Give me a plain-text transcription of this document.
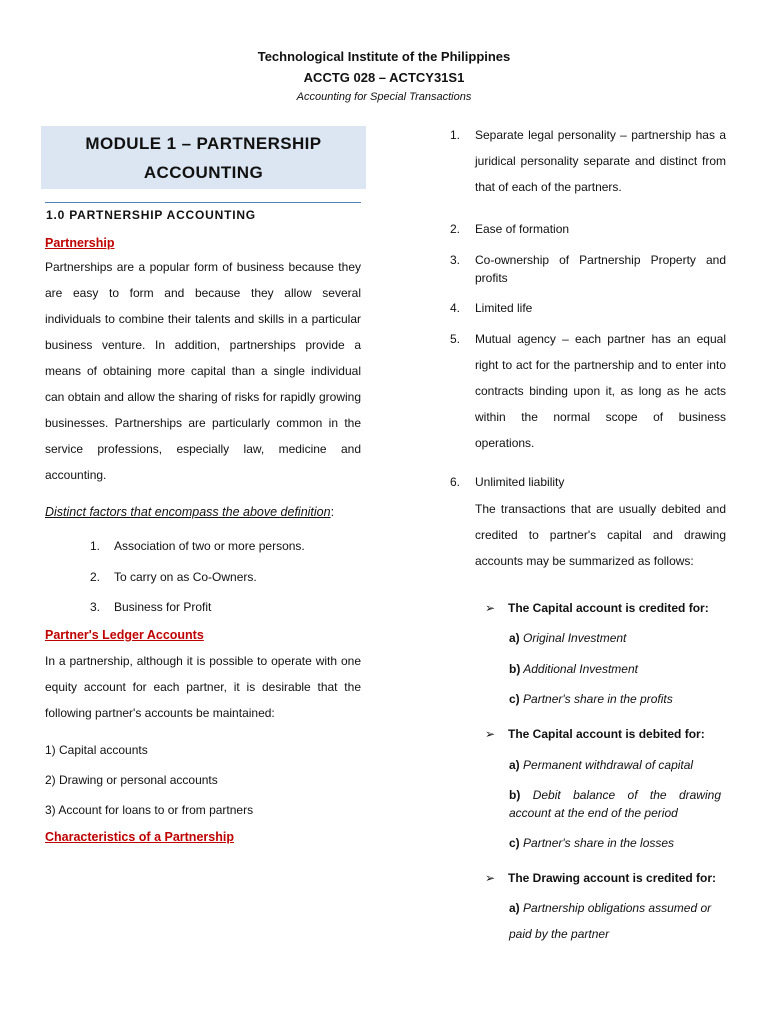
Technological Institute of the Philippines
ACCTG 028 – ACTCY31S1
Accounting for Special Transactions
MODULE 1 – PARTNERSHIP
ACCOUNTING
1.0 PARTNERSHIP ACCOUNTING
Partnership
Partnerships are a popular form of business because they are easy to form and because they allow several individuals to combine their talents and skills in a particular business venture. In addition, partnerships provide a means of obtaining more capital than a single individual can obtain and allow the sharing of risks for rapidly growing businesses. Partnerships are particularly common in the service professions, especially law, medicine and accounting.
Distinct factors that encompass the above definition:
1.	Association of two or more persons.
2.	To carry on as Co-Owners.
3.	Business for Profit
Partner's Ledger Accounts
In a partnership, although it is possible to operate with one equity account for each partner, it is desirable that the following partner's accounts be maintained:
1) Capital accounts
2) Drawing or personal accounts
3) Account for loans to or from partners
Characteristics of a Partnership
1.	Separate legal personality – partnership has a juridical personality separate and distinct from that of each of the partners.
2.	Ease of formation
3.	Co-ownership of Partnership Property and profits
4.	Limited life
5.	Mutual agency – each partner has an equal right to act for the partnership and to enter into contracts binding upon it, as long as he acts within the normal scope of business operations.
6.	Unlimited liability
The transactions that are usually debited and credited to partner's capital and drawing accounts may be summarized as follows:
➢	The Capital account is credited for:
a) Original Investment
b) Additional Investment
c) Partner's share in the profits
➢	The Capital account is debited for:
a) Permanent withdrawal of capital
b) Debit balance of the drawing account at the end of the period
c) Partner's share in the losses
➢	The Drawing account is credited for:
a) Partnership obligations assumed or paid by the partner
